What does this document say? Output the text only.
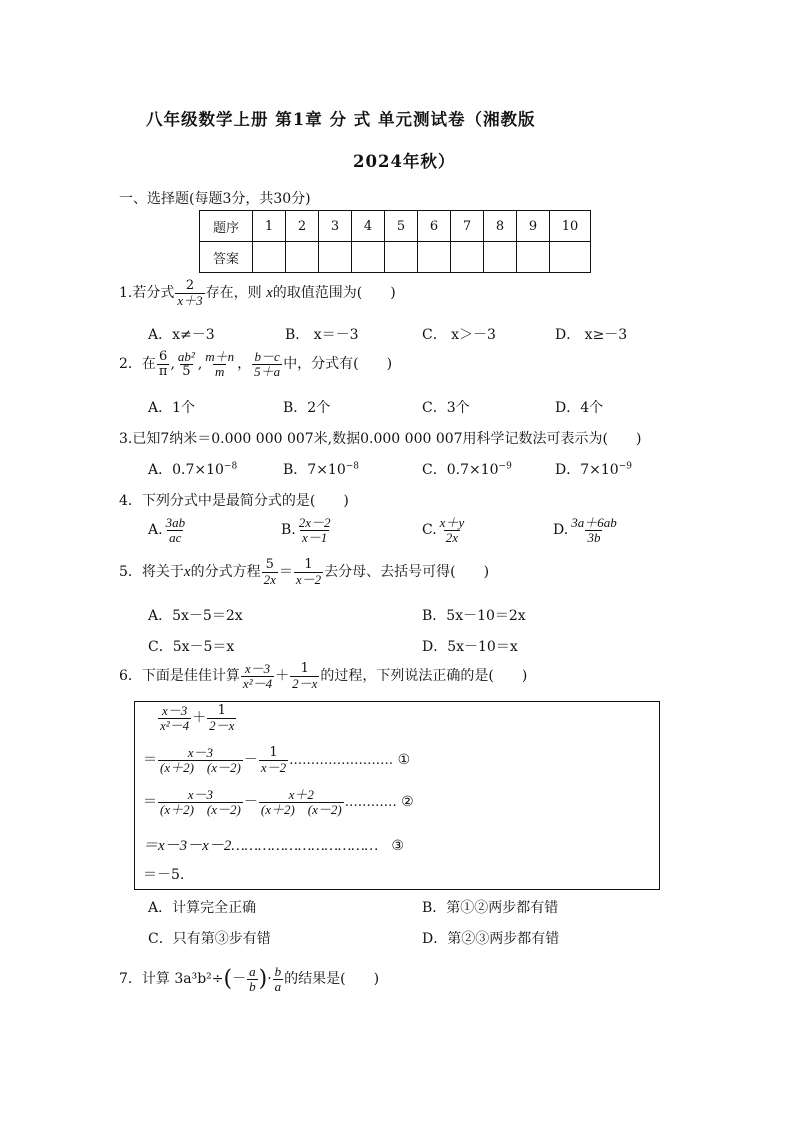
八年级数学上册 第1章 分 式 单元测试卷（湘教版
2024年秋）
一、选择题(每题3分，共30分)
题序	1	2	3	4	5	6	7	8	9	10
答案										
1.若分式 $\frac{2}{x+3}$ 存在，则 x的取值范围为(　　)
A．x≠－3	B． x＝－3	C． x＞－3	D． x≥－3
2．在 $\frac{6}{\pi}$ , $\frac{\text{ab²}}{5}$ , $\frac{m+n}{m}$ ， $\frac{b-c}{5+a}$ 中，分式有(　　)
A．1个	B．2个	C．3个	D．4个
3.已知7纳米＝0.000 000 007米,数据0.000 000 007用科学记数法可表示为(　　)
A．$0.7\times 10^{-8}$	B．$7\times 10^{-8}$	C．$0.7\times 10^{-9}$	D．$7\times 10^{-9}$
4．下列分式中是最简分式的是(　　)
A. $\frac{3ab}{ac}$	B. $\frac{2x-2}{x-1}$	C. $\frac{x+y}{2x}$	D. $\frac{3a+6ab}{3b}$
5．将关于x的分式方程 $\frac{5}{2x} = \frac{1}{x-2}$ 去分母、去括号可得(　　)
A．5x－5＝2x	B．5x－10＝2x
C．5x－5＝x	D．5x－10＝x
6．下面是佳佳计算 $\frac{x-3}{\text{x²－4}} + \frac{1}{2-x}$ 的过程，下列说法正确的是(　　)
$\frac{x-3}{\text{x²－4}} + \frac{1}{2-x}$
＝ $\frac{x-3}{(x+2) (x-2)} - \frac{1}{x-2}$ …………………… ①
＝ $\frac{x-3}{(x+2) (x-2)} - \frac{x+2}{(x+2) (x-2)}$ ………… ②
＝x－3－x－2…………………………… ③
＝－5.
A．计算完全正确	B．第①②两步都有错
C．只有第③步有错	D．第②③两步都有错
7．计算 $3a^3b^2\div(- \frac{a}{b}$ )· $\frac{b}{a}$ 的结果是(　　)
